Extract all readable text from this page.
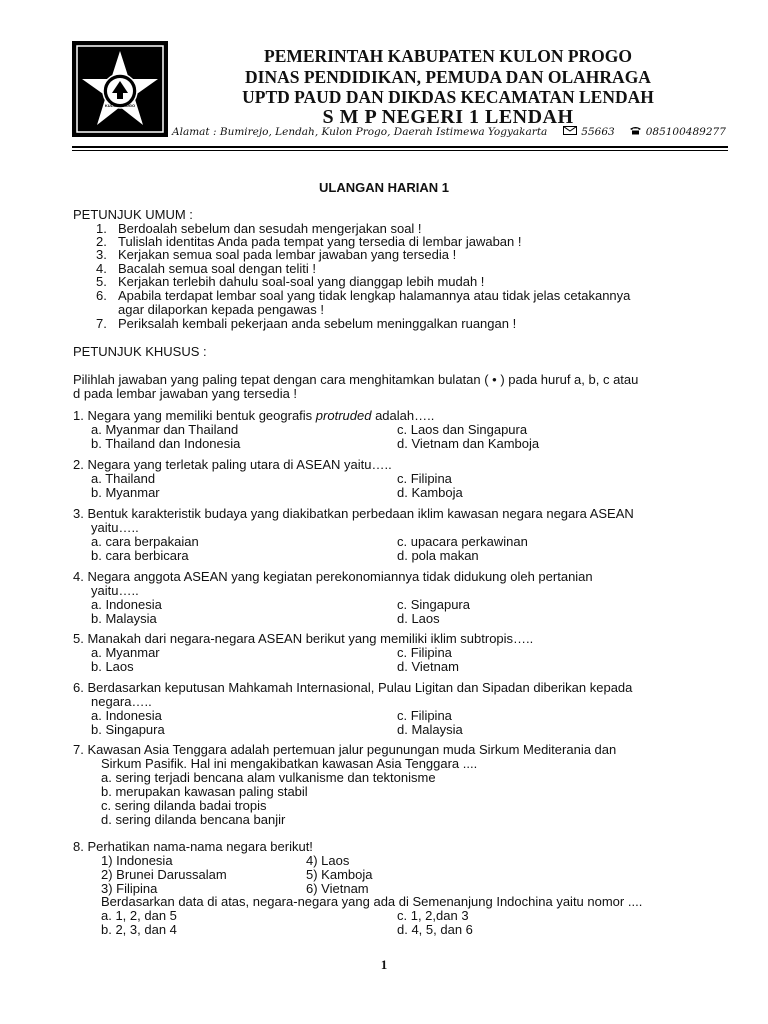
KULON PROGO
PEMERINTAH KABUPATEN KULON PROGO
DINAS PENDIDIKAN, PEMUDA DAN OLAHRAGA
UPTD PAUD DAN DIKDAS KECAMATAN LENDAH
S M P NEGERI 1 LENDAH
Alamat : Bumirejo, Lendah, Kulon Progo, Daerah Istimewa Yogyakarta	55663	085100489277
ULANGAN HARIAN 1
PETUNJUK UMUM :
1. Berdoalah sebelum dan sesudah mengerjakan soal !
2. Tulislah identitas Anda pada tempat yang tersedia di lembar jawaban !
3. Kerjakan semua soal pada lembar jawaban yang tersedia !
4. Bacalah semua soal dengan teliti !
5. Kerjakan terlebih dahulu soal-soal yang dianggap lebih mudah !
6. Apabila terdapat lembar soal yang tidak lengkap halamannya atau tidak jelas cetakannya
agar dilaporkan kepada pengawas !
7. Periksalah kembali pekerjaan anda sebelum meninggalkan ruangan !
PETUNJUK KHUSUS :
Pilihlah jawaban yang paling tepat dengan cara menghitamkan bulatan ( • ) pada huruf a, b, c atau
d pada lembar jawaban yang tersedia !
1. Negara yang memiliki bentuk geografis protruded adalah…..
a. Myanmar dan Thailand	c. Laos dan Singapura
b. Thailand dan Indonesia	d. Vietnam dan Kamboja
2. Negara yang terletak paling utara di ASEAN yaitu…..
a. Thailand	c. Filipina
b. Myanmar	d. Kamboja
3. Bentuk karakteristik budaya yang diakibatkan perbedaan iklim kawasan negara negara ASEAN
yaitu…..
a. cara berpakaian	c. upacara perkawinan
b. cara berbicara	d. pola makan
4. Negara anggota ASEAN yang kegiatan perekonomiannya tidak didukung oleh pertanian
yaitu…..
a. Indonesia	c. Singapura
b. Malaysia	d. Laos
5. Manakah dari negara-negara ASEAN berikut yang memiliki iklim subtropis…..
a. Myanmar	c. Filipina
b. Laos	d. Vietnam
6. Berdasarkan keputusan Mahkamah Internasional, Pulau Ligitan dan Sipadan diberikan kepada
negara…..
a. Indonesia	c. Filipina
b. Singapura	d. Malaysia
7. Kawasan Asia Tenggara adalah pertemuan jalur pegunungan muda Sirkum Mediterania dan
Sirkum Pasifik. Hal ini mengakibatkan kawasan Asia Tenggara ....
a. sering terjadi bencana alam vulkanisme dan tektonisme
b. merupakan kawasan paling stabil
c. sering dilanda badai tropis
d. sering dilanda bencana banjir
8. Perhatikan nama-nama negara berikut!
1) Indonesia	4) Laos
2) Brunei Darussalam	5) Kamboja
3) Filipina	6) Vietnam
Berdasarkan data di atas, negara-negara yang ada di Semenanjung Indochina yaitu nomor ....
a. 1, 2, dan 5	c. 1, 2,dan 3
b. 2, 3, dan 4	d. 4, 5, dan 6
1
